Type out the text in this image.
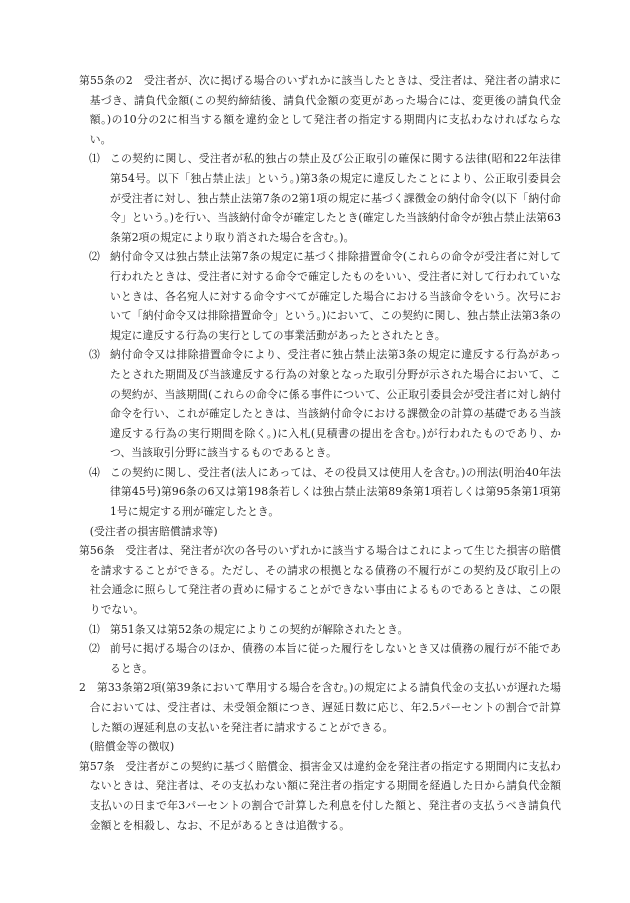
第55条の2　受注者が、次に掲げる場合のいずれかに該当したときは、受注者は、発注者の請求に基づき、請負代金額(この契約締結後、請負代金額の変更があった場合には、変更後の請負代金額。)の10分の2に相当する額を違約金として発注者の指定する期間内に支払わなければならない。

⑴ この契約に関し、受注者が私的独占の禁止及び公正取引の確保に関する法律(昭和22年法律第54号。以下「独占禁止法」という。)第3条の規定に違反したことにより、公正取引委員会が受注者に対し、独占禁止法第7条の2第1項の規定に基づく課徴金の納付命令(以下「納付命令」という。)を行い、当該納付命令が確定したとき(確定した当該納付命令が独占禁止法第63条第2項の規定により取り消された場合を含む。)。
⑵ 納付命令又は独占禁止法第7条の規定に基づく排除措置命令(これらの命令が受注者に対して行われたときは、受注者に対する命令で確定したものをいい、受注者に対して行われていないときは、各名宛人に対する命令すべてが確定した場合における当該命令をいう。次号において「納付命令又は排除措置命令」という。)において、この契約に関し、独占禁止法第3条の規定に違反する行為の実行としての事業活動があったとされたとき。
⑶ 納付命令又は排除措置命令により、受注者に独占禁止法第3条の規定に違反する行為があったとされた期間及び当該違反する行為の対象となった取引分野が示された場合において、この契約が、当該期間(これらの命令に係る事件について、公正取引委員会が受注者に対し納付命令を行い、これが確定したときは、当該納付命令における課徴金の計算の基礎である当該違反する行為の実行期間を除く。)に入札(見積書の提出を含む。)が行われたものであり、かつ、当該取引分野に該当するものであるとき。
⑷ この契約に関し、受注者(法人にあっては、その役員又は使用人を含む。)の刑法(明治40年法律第45号)第96条の6又は第198条若しくは独占禁止法第89条第1項若しくは第95条第1項第1号に規定する刑が確定したとき。

(受注者の損害賠償請求等)

第56条　受注者は、発注者が次の各号のいずれかに該当する場合はこれによって生じた損害の賠償を請求することができる。ただし、その請求の根拠となる債務の不履行がこの契約及び取引上の社会通念に照らして発注者の責めに帰することができない事由によるものであるときは、この限りでない。

⑴ 第51条又は第52条の規定によりこの契約が解除されたとき。
⑵ 前号に掲げる場合のほか、債務の本旨に従った履行をしないとき又は債務の履行が不能であるとき。

2　第33条第2項(第39条において準用する場合を含む。)の規定による請負代金の支払いが遅れた場合においては、受注者は、未受領金額につき、遅延日数に応じ、年2.5パーセントの割合で計算した額の遅延利息の支払いを発注者に請求することができる。

(賠償金等の徴収)

第57条　受注者がこの契約に基づく賠償金、損害金又は違約金を発注者の指定する期間内に支払わないときは、発注者は、その支払わない額に発注者の指定する期間を経過した日から請負代金額支払いの日まで年3パーセントの割合で計算した利息を付した額と、発注者の支払うべき請負代金額とを相殺し、なお、不足があるときは追徴する。
